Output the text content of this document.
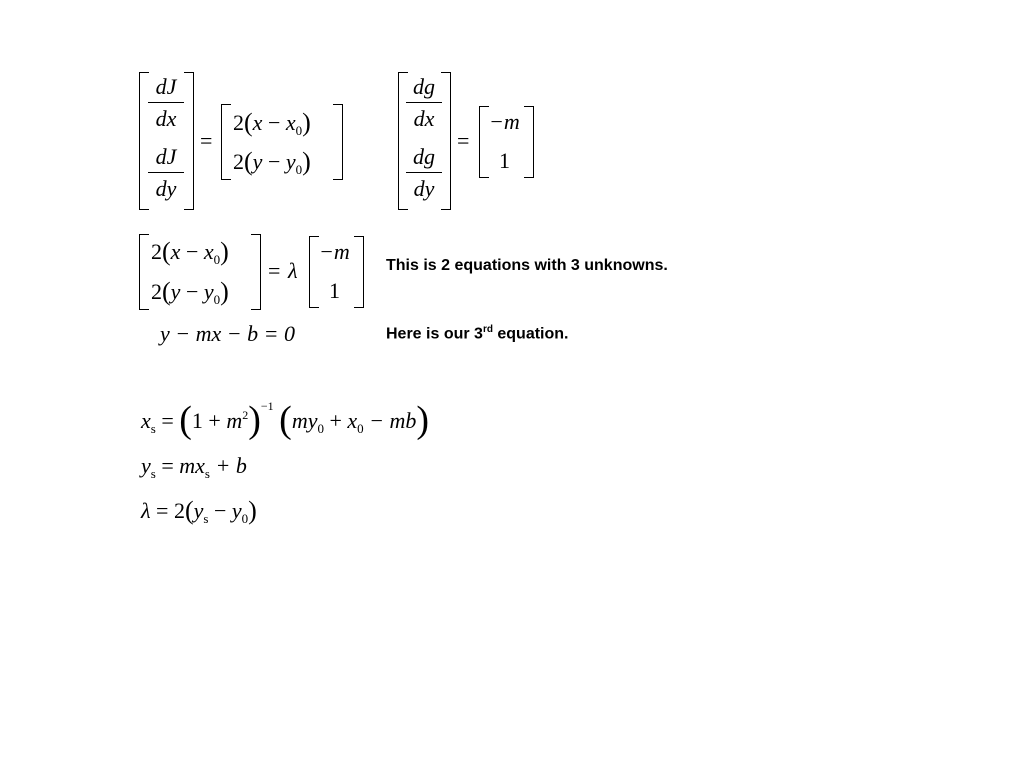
dJ
dx
dJ
dy
=
$2(x - x_0)$
$2(y - y_0)$
dg
dx
dg
dy
=
−m
1
$2(x - x_0)$
$2(y - y_0)$
= λ
−m
1
y − mx − b = 0
This is 2 equations with 3 unknowns.
Here is our 3rd equation.
$x_s = (1 + m^2)^{-1}$ $(my_0 + x_0 - mb)$
$y_s = mx_s + b$
$\lambda = 2(y_s - y_0)$
